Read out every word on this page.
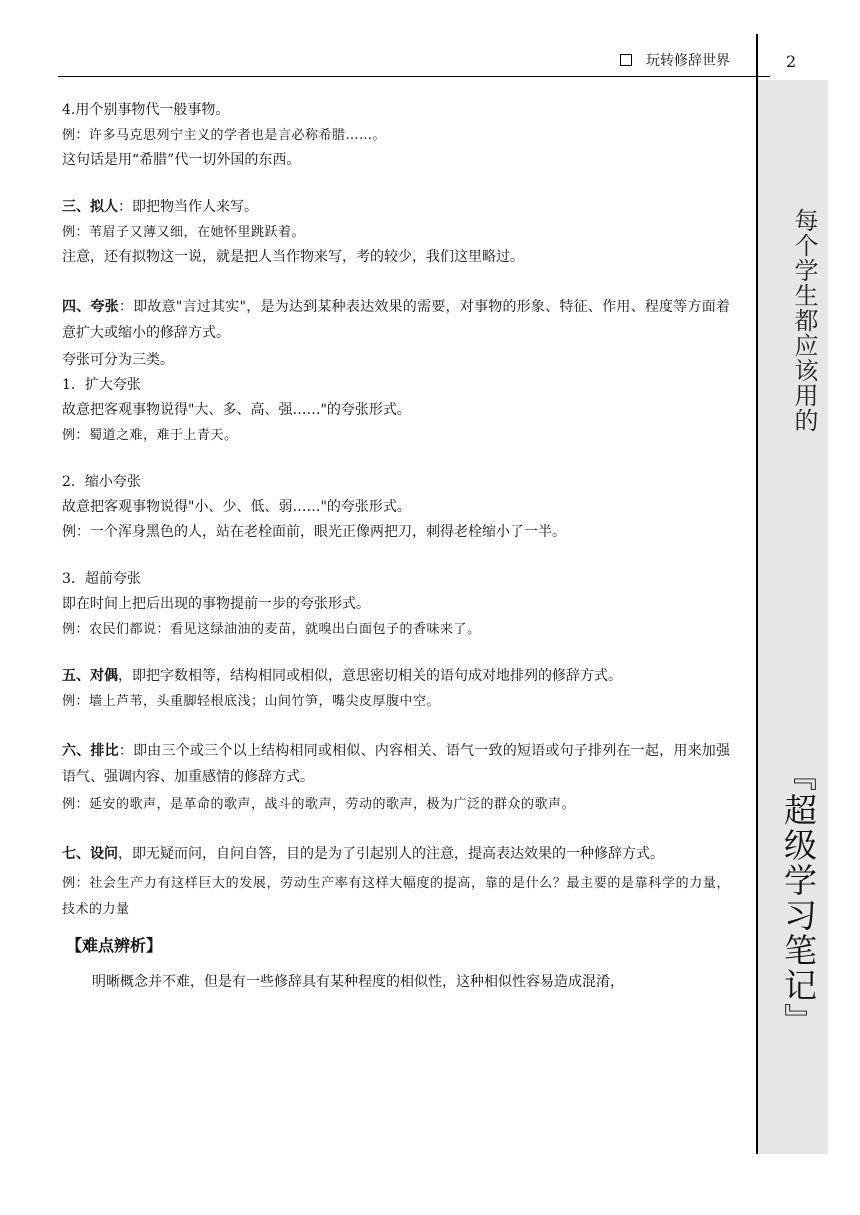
玩转修辞世界	2
每个学生都应该用的
『超级学习笔记』

4.用个别事物代一般事物。

例：许多马克思列宁主义的学者也是言必称希腊……。

这句话是用“希腊”代一切外国的东西。

三、拟人：即把物当作人来写。

例：苇眉子又薄又细，在她怀里跳跃着。

注意，还有拟物这一说，就是把人当作物来写，考的较少，我们这里略过。

四、夸张：即故意"言过其实"，是为达到某种表达效果的需要，对事物的形象、特征、作用、程度等方面着意扩大或缩小的修辞方式。

夸张可分为三类。

1．扩大夸张

故意把客观事物说得"大、多、高、强……"的夸张形式。

例：蜀道之难，难于上青天。

2．缩小夸张

故意把客观事物说得"小、少、低、弱……"的夸张形式。

例：一个浑身黑色的人，站在老栓面前，眼光正像两把刀，刺得老栓缩小了一半。

3．超前夸张

即在时间上把后出现的事物提前一步的夸张形式。

例：农民们都说：看见这绿油油的麦苗，就嗅出白面包子的香味来了。

五、对偶，即把字数相等，结构相同或相似，意思密切相关的语句成对地排列的修辞方式。

例：墙上芦苇，头重脚轻根底浅；山间竹笋，嘴尖皮厚腹中空。

六、排比：即由三个或三个以上结构相同或相似、内容相关、语气一致的短语或句子排列在一起，用来加强语气、强调内容、加重感情的修辞方式。

例：延安的歌声，是革命的歌声，战斗的歌声，劳动的歌声，极为广泛的群众的歌声。

七、设问，即无疑而问，自问自答，目的是为了引起别人的注意，提高表达效果的一种修辞方式。

例：社会生产力有这样巨大的发展，劳动生产率有这样大幅度的提高，靠的是什么？最主要的是靠科学的力量，技术的力量

【难点辨析】

明晰概念并不难，但是有一些修辞具有某种程度的相似性，这种相似性容易造成混淆，
